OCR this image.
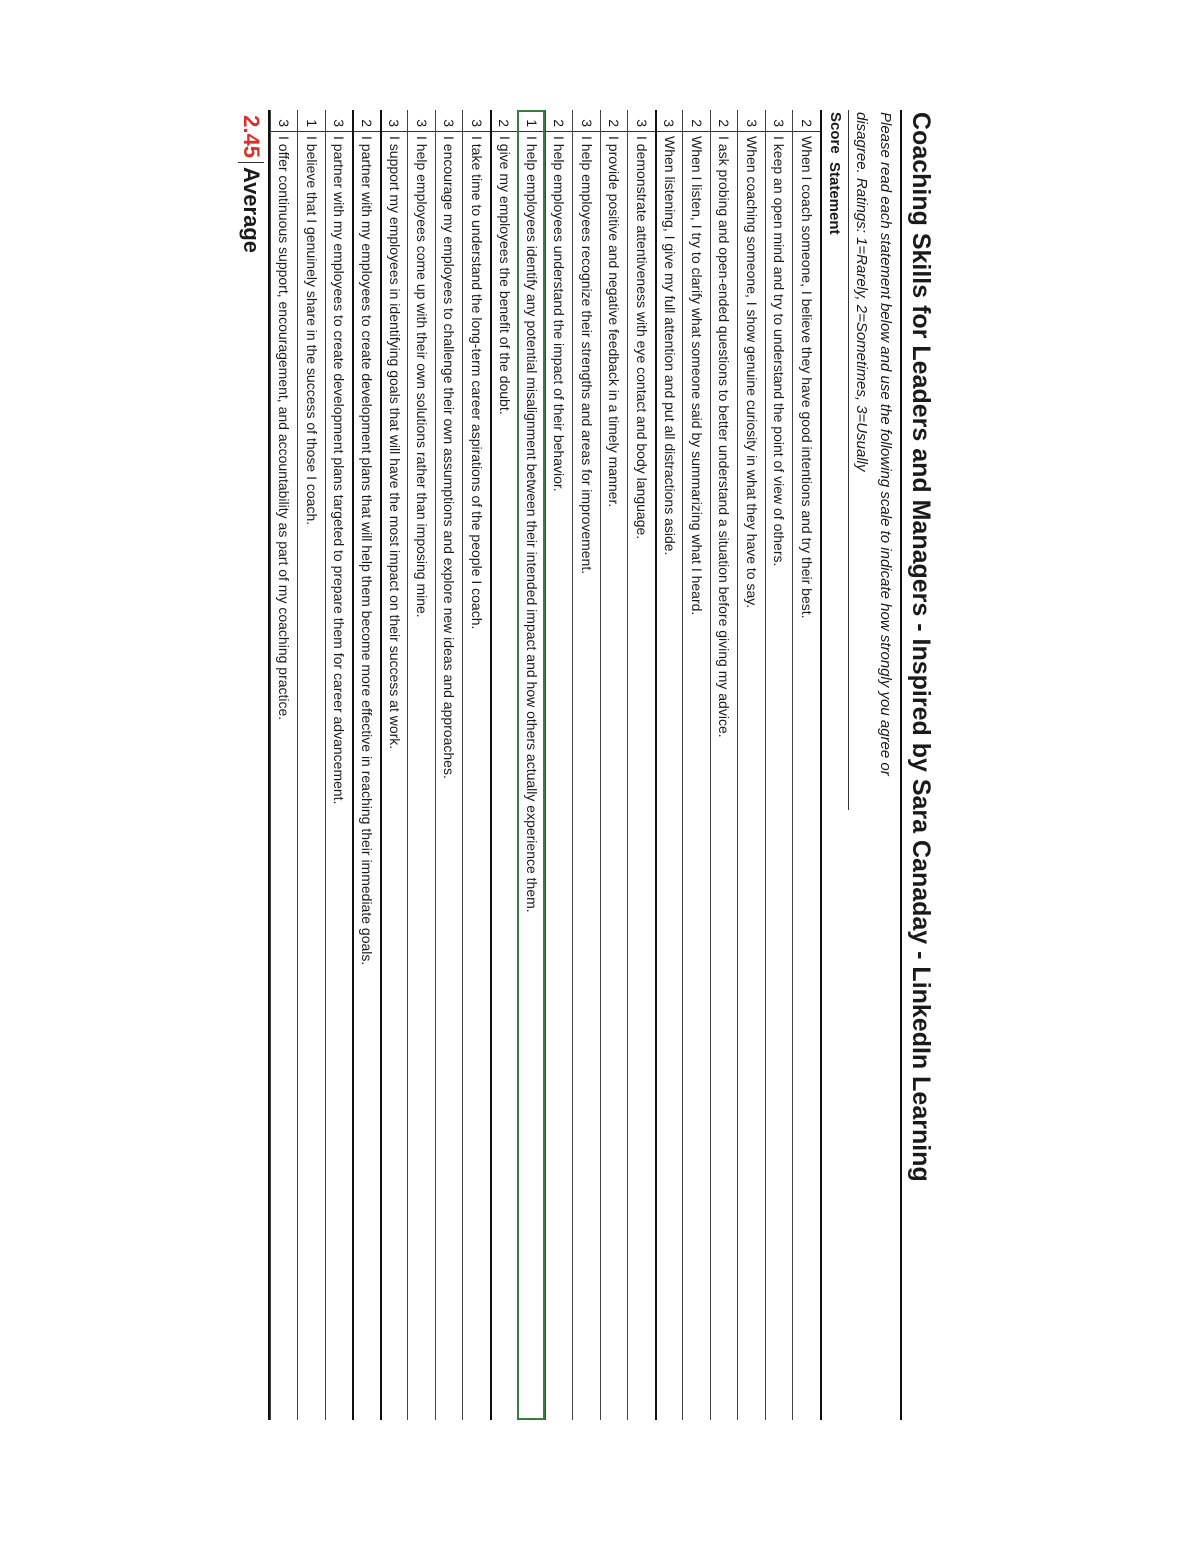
Coaching Skills for Leaders and Managers - Inspired by Sara Canaday - LinkedIn Learning
Please read each statement below and use the following scale to indicate how strongly you agree or disagree. Ratings: 1=Rarely, 2=Sometimes, 3=Usually
Score
Statement
2
When I coach someone, I believe they have good intentions and try their best.
3
I keep an open mind and try to understand the point of view of others.
3
When coaching someone, I show genuine curiosity in what they have to say.
2
I ask probing and open-ended questions to better understand a situation before giving my advice.
2
When I listen, I try to clarify what someone said by summarizing what I heard.
3
When listening, I give my full attention and put all distractions aside.
3
I demonstrate attentiveness with eye contact and body language.
2
I provide positive and negative feedback in a timely manner.
3
I help employees recognize their strengths and areas for improvement.
2
I help employees understand the impact of their behavior.
1
I help employees identify any potential misalignment between their intended impact and how others actually experience them.
2
I give my employees the benefit of the doubt.
3
I take time to understand the long-term career aspirations of the people I coach.
3
I encourage my employees to challenge their own assumptions and explore new ideas and approaches.
3
I help employees come up with their own solutions rather than imposing mine.
3
I support my employees in identifying goals that will have the most impact on their success at work.
2
I partner with my employees to create development plans that will help them become more effective in reaching their immediate goals.
3
I partner with my employees to create development plans targeted to prepare them for career advancement.
1
I believe that I genuinely share in the success of those I coach.
3
I offer continuous support, encouragement, and accountability as part of my coaching practice.
2.45
Average
